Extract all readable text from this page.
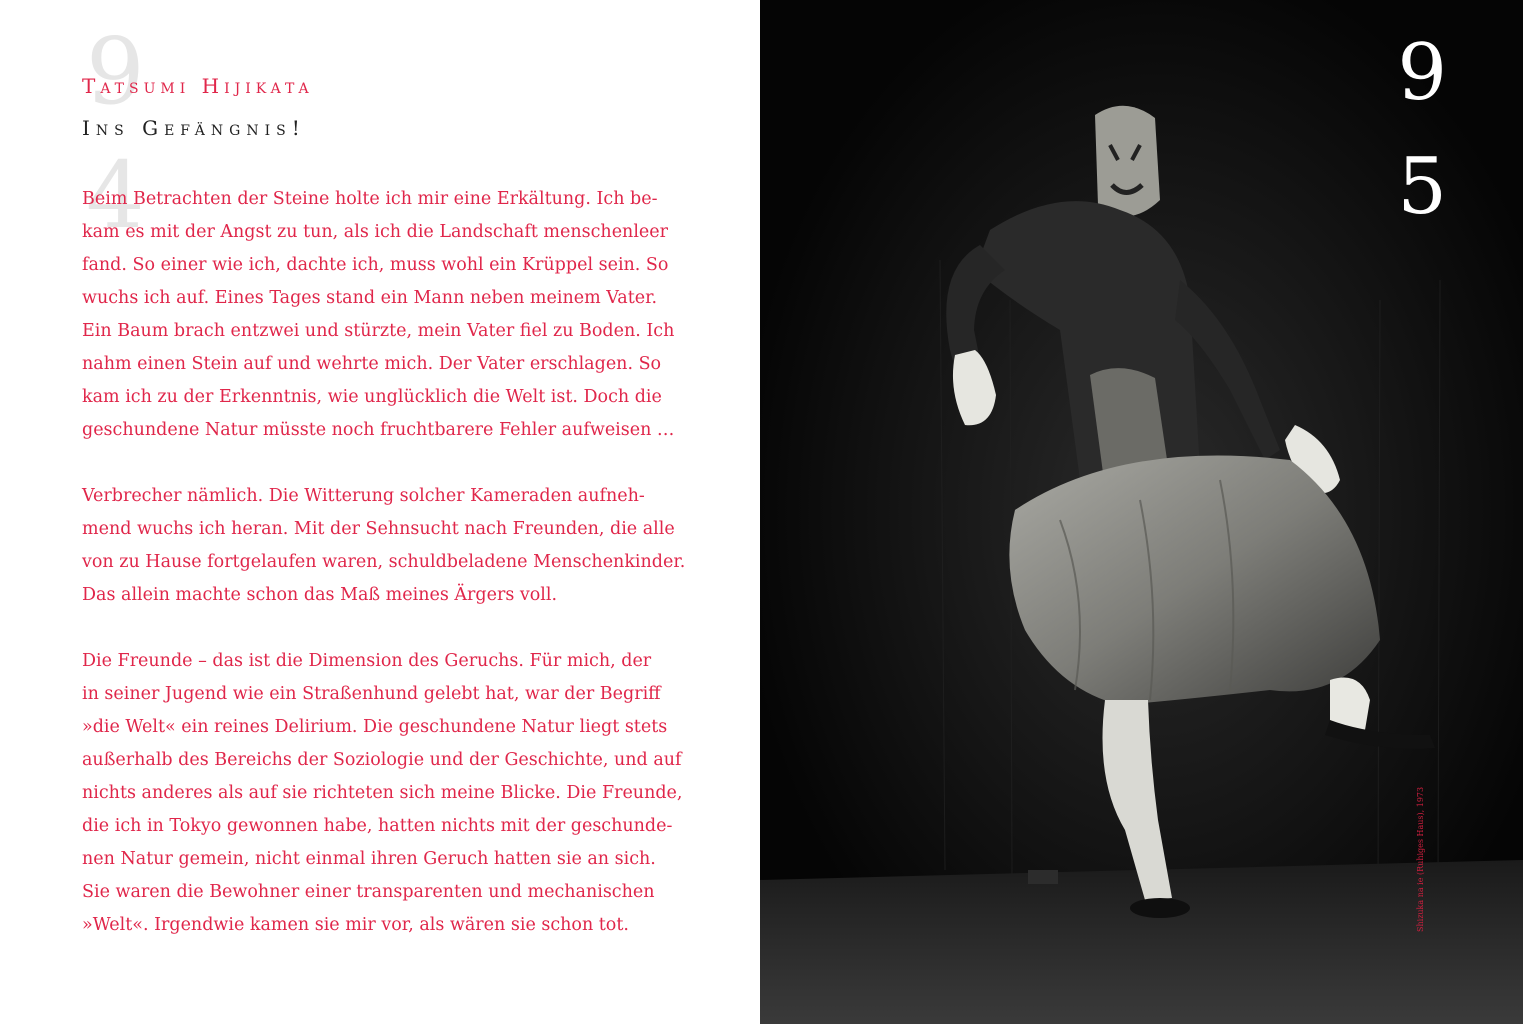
9
4
Tatsumi Hijikata
Ins Gefängnis!
Beim Betrachten der Steine holte ich mir eine Erkältung. Ich be-
kam es mit der Angst zu tun, als ich die Landschaft menschenleer
fand. So einer wie ich, dachte ich, muss wohl ein Krüppel sein. So
wuchs ich auf. Eines Tages stand ein Mann neben meinem Vater.
Ein Baum brach entzwei und stürzte, mein Vater fiel zu Boden. Ich
nahm einen Stein auf und wehrte mich. Der Vater erschlagen. So
kam ich zu der Erkenntnis, wie unglücklich die Welt ist. Doch die
geschundene Natur müsste noch fruchtbarere Fehler aufweisen …
Verbrecher nämlich. Die Witterung solcher Kameraden aufneh-
mend wuchs ich heran. Mit der Sehnsucht nach Freunden, die alle
von zu Hause fortgelaufen waren, schuldbeladene Menschenkinder.
Das allein machte schon das Maß meines Ärgers voll.
Die Freunde – das ist die Dimension des Geruchs. Für mich, der
in seiner Jugend wie ein Straßenhund gelebt hat, war der Begriff
»die Welt« ein reines Delirium. Die geschundene Natur liegt stets
außerhalb des Bereichs der Soziologie und der Geschichte, und auf
nichts anderes als auf sie richteten sich meine Blicke. Die Freunde,
die ich in Tokyo gewonnen habe, hatten nichts mit der geschunde-
nen Natur gemein, nicht einmal ihren Geruch hatten sie an sich.
Sie waren die Bewohner einer transparenten und mechanischen
»Welt«. Irgendwie kamen sie mir vor, als wären sie schon tot.	Shizuka na ie (Ruhiges Haus), 1973
9
5
